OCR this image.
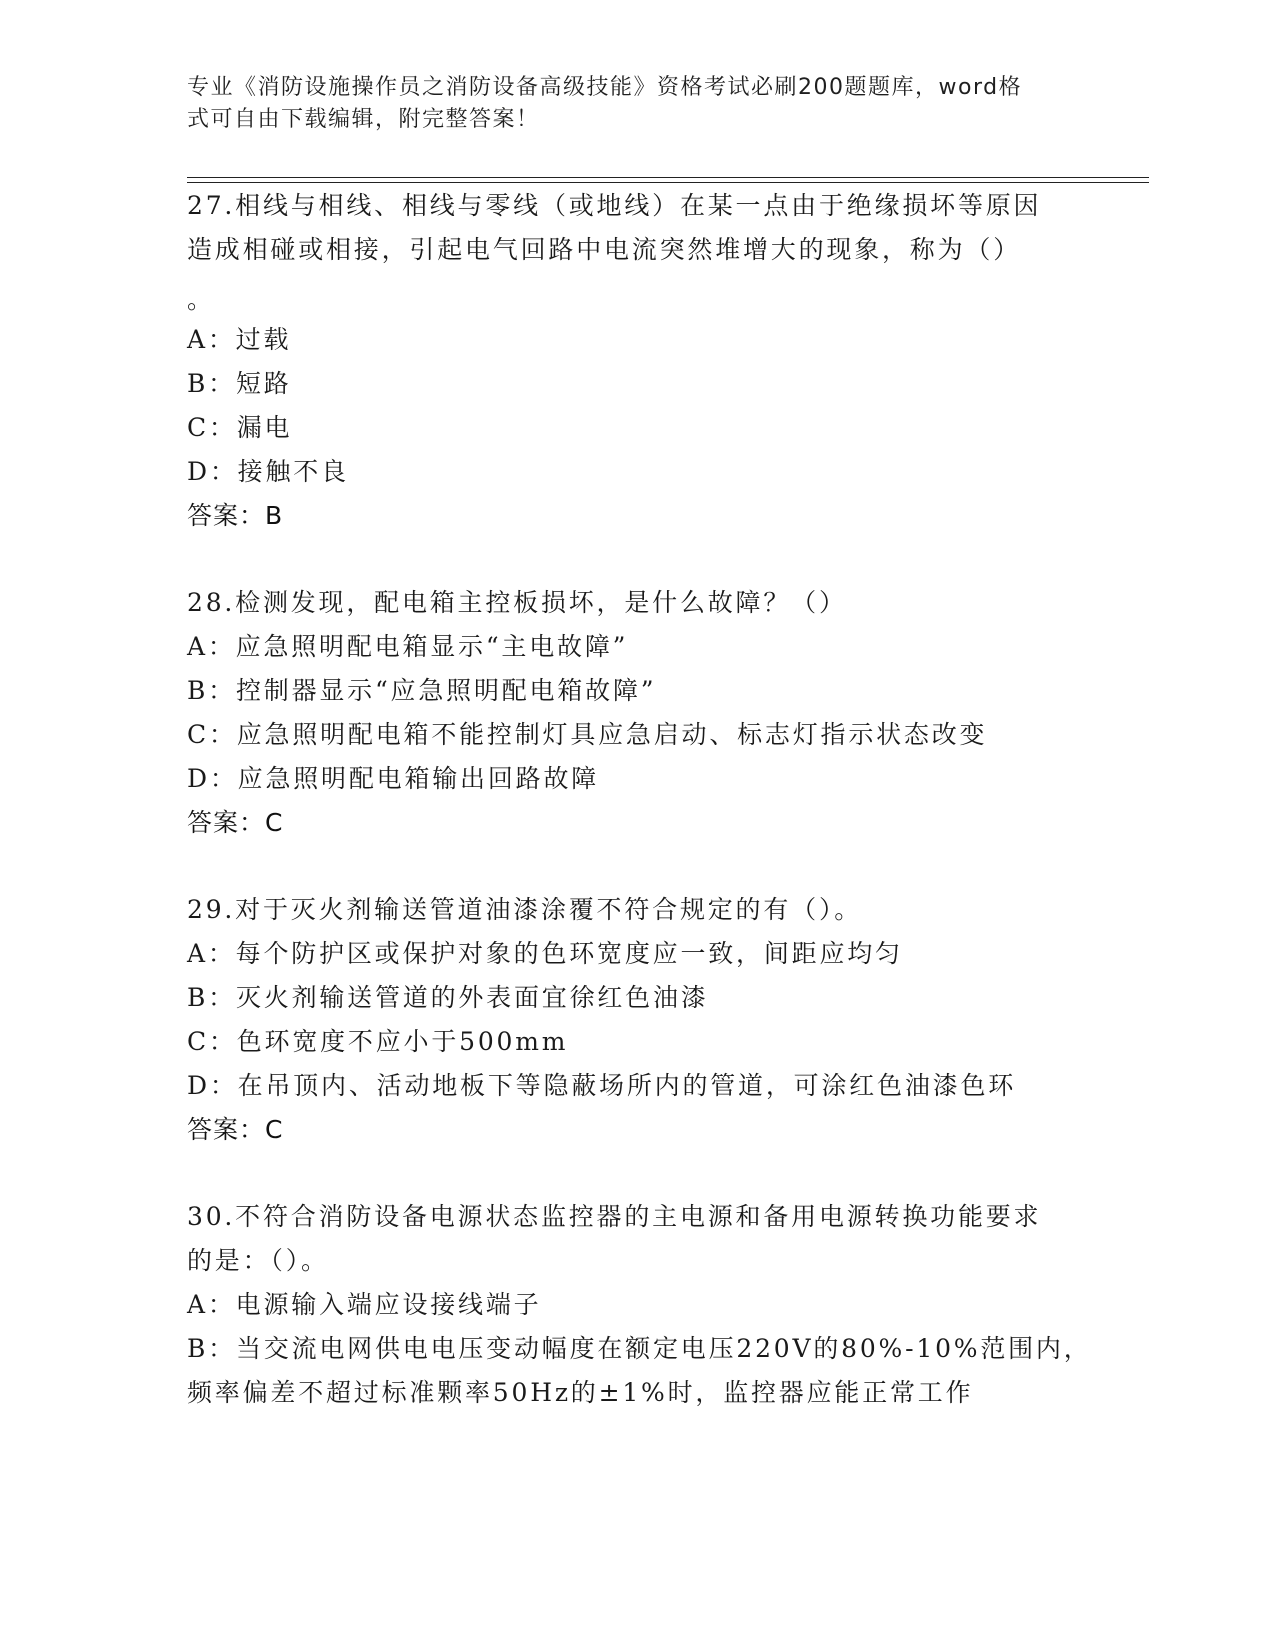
专业《消防设施操作员之消防设备高级技能》资格考试必刷200题题库，word格
式可自由下载编辑，附完整答案！
27.相线与相线、相线与零线（或地线）在某一点由于绝缘损坏等原因
造成相碰或相接，引起电气回路中电流突然堆增大的现象，称为（）
。
A：过载
B：短路
C：漏电
D：接触不良
答案：B
28.检测发现，配电箱主控板损坏，是什么故障？（）
A：应急照明配电箱显示“主电故障”
B：控制器显示“应急照明配电箱故障”
C：应急照明配电箱不能控制灯具应急启动、标志灯指示状态改变
D：应急照明配电箱输出回路故障
答案：C
29.对于灭火剂输送管道油漆涂覆不符合规定的有（）。
A：每个防护区或保护对象的色环宽度应一致，间距应均匀
B：灭火剂输送管道的外表面宜徐红色油漆
C：色环宽度不应小于500mm
D：在吊顶内、活动地板下等隐蔽场所内的管道，可涂红色油漆色环
答案：C
30.不符合消防设备电源状态监控器的主电源和备用电源转换功能要求
的是：（）。
A：电源输入端应设接线端子
B：当交流电网供电电压变动幅度在额定电压220V的80%-10%范围内，
频率偏差不超过标准颗率50Hz的±1%时，监控器应能正常工作
